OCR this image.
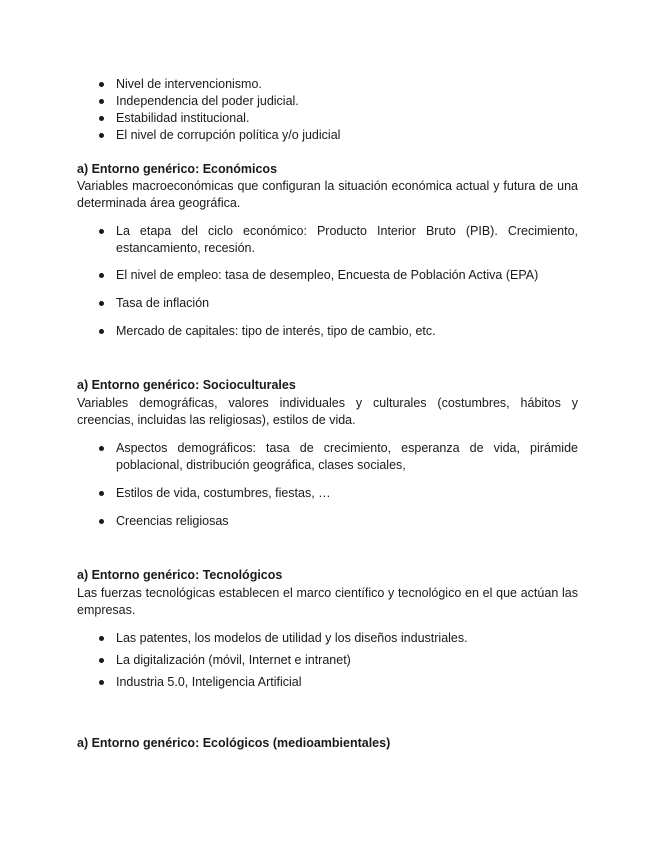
Nivel de intervencionismo.
Independencia del poder judicial.
Estabilidad institucional.
El nivel de corrupción política y/o judicial
a) Entorno genérico: Económicos
Variables macroeconómicas que configuran la situación económica actual y futura de una determinada área geográfica.
La etapa del ciclo económico: Producto Interior Bruto (PIB). Crecimiento, estancamiento, recesión.
El nivel de empleo: tasa de desempleo, Encuesta de Población Activa (EPA)
Tasa de inflación
Mercado de capitales: tipo de interés, tipo de cambio, etc.
a) Entorno genérico: Socioculturales
Variables demográficas, valores individuales y culturales (costumbres, hábitos y creencias, incluidas las religiosas), estilos de vida.
Aspectos demográficos: tasa de crecimiento, esperanza de vida, pirámide poblacional, distribución geográfica, clases sociales,
Estilos de vida, costumbres, fiestas, …
Creencias religiosas
a) Entorno genérico: Tecnológicos
Las fuerzas tecnológicas establecen el marco científico y tecnológico en el que actúan las empresas.
Las patentes, los modelos de utilidad y los diseños industriales.
La digitalización (móvil, Internet e intranet)
Industria 5.0, Inteligencia Artificial
a) Entorno genérico: Ecológicos (medioambientales)
